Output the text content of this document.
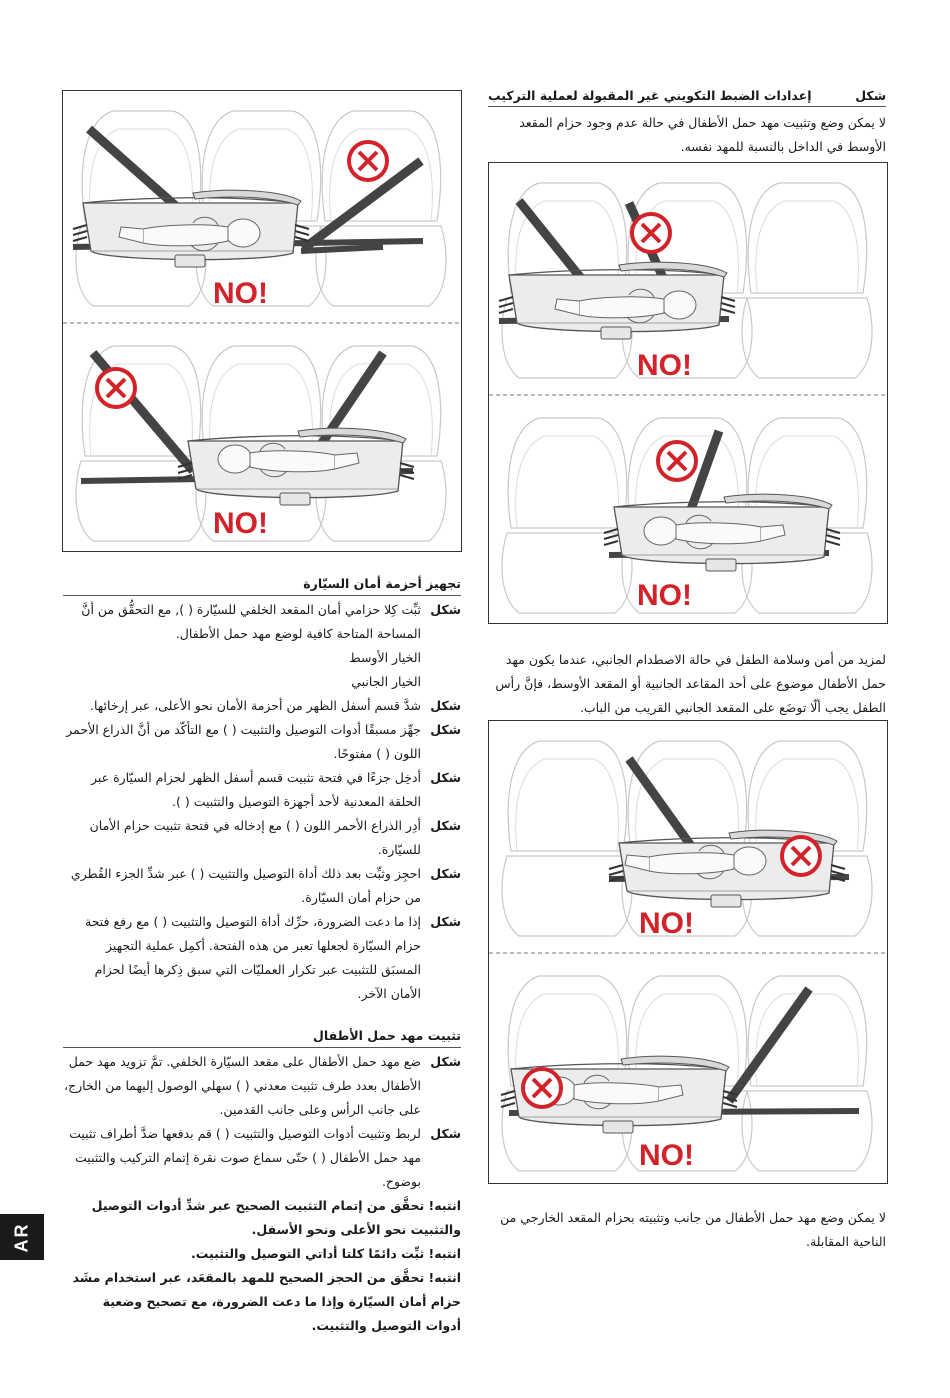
شكل
إعدادات الضبط التكويني غير المقبولة لعملية التركيب

لا يمكن وضع وتثبيت مهد حمل الأطفال في حالة عدم وجود حزام المقعد الأوسط في الداخل بالنسبة للمهد نفسه.

لمزيد من أمن وسلامة الطفل في حالة الاصطدام الجانبي، عندما يكون مهد حمل الأطفال موضوع على أحد المقاعد الجانبية أو المقعد الأوسط، فإنَّ رأس الطفل يجب ألّا توضَع على المقعد الجانبي القريب من الباب.

لا يمكن وضع مهد حمل الأطفال من جانب وتثبيته بحزام المقعد الخارجي من الناحية المقابلة.

NO!
NO!
NO!
NO!
NO!
NO!
تجهيز أحزمة أمان السيّارة
شكل
ثبِّت كِلا حزامي أمان المقعد الخلفي للسيّارة ( ), مع التحقُّق من أنَّ المساحة المتاحة كافية لوضع مهد حمل الأطفال.
الخيار الأوسط
الخيار الجانبي
شكل
شدَّ قسم أسفل الظهر من أحزمة الأمان نحو الأعلى، عبر إرخائها.
شكل
جهِّز مسبقًا أدوات التوصيل والتثبيت ( ) مع التأكّد من أنَّ الذراع الأحمر اللون ( ) مفتوحًا.
شكل
أدخِل جزءًا في فتحة تثبيت قسم أسفل الظهر لحزام السيّارة عبر الحلقة المعدنية لأحد أجهزة التوصيل والتثبيت ( ).
شكل
أدِر الذراع الأحمر اللون ( ) مع إدخاله في فتحة تثبيت حزام الأمان للسيّارة.
شكل
احجِز وثبِّت بعد ذلك أداة التوصيل والتثبيت ( ) عبر شدِّ الجزء القُطري من حزام أمان السيّارة.
شكل
إذا ما دعت الضرورة، حرِّك أداة التوصيل والتثبيت ( ) مع رفع فتحة حزام السيّارة لجعلها تعبر من هذه الفتحة. أكمِل عملية التجهيز المسبَق للتثبيت عبر تكرار العمليّات التي سبق ذِكرها أيضًا لحزام الأمان الآخر.
تثبيت مهد حمل الأطفال
شكل
ضع مهد حمل الأطفال على مقعد السيّارة الخلفي. تمَّ تزويد مهد حمل الأطفال بعدد طرف تثبيت معدني ( ) سهلي الوصول إليهما من الخارج، على جانب الرأس وعلى جانب القدمين.
شكل
لربط وتثبيت أدوات التوصيل والتثبيت ( ) قم بدفعها ضدَّ أطراف تثبيت مهد حمل الأطفال ( ) حتّى سماع صوت نقرة إتمام التركيب والتثبيت بوضوح.

انتبه! تحقَّق من إتمام التثبيت الصحيح عبر شدِّ أدوات التوصيل والتثبيت نحو الأعلى ونحو الأسفل.

انتبه! ثبِّت دائمًا كلتا أداتي التوصيل والتثبيت.

انتبه! تحقَّق من الحجز الصحيح للمهد بالمقعَد، عبر استخدام مشَد حزام أمان السيّارة وإذا ما دعت الضرورة، مع تصحيح وضعية أدوات التوصيل والتثبيت.

AR
